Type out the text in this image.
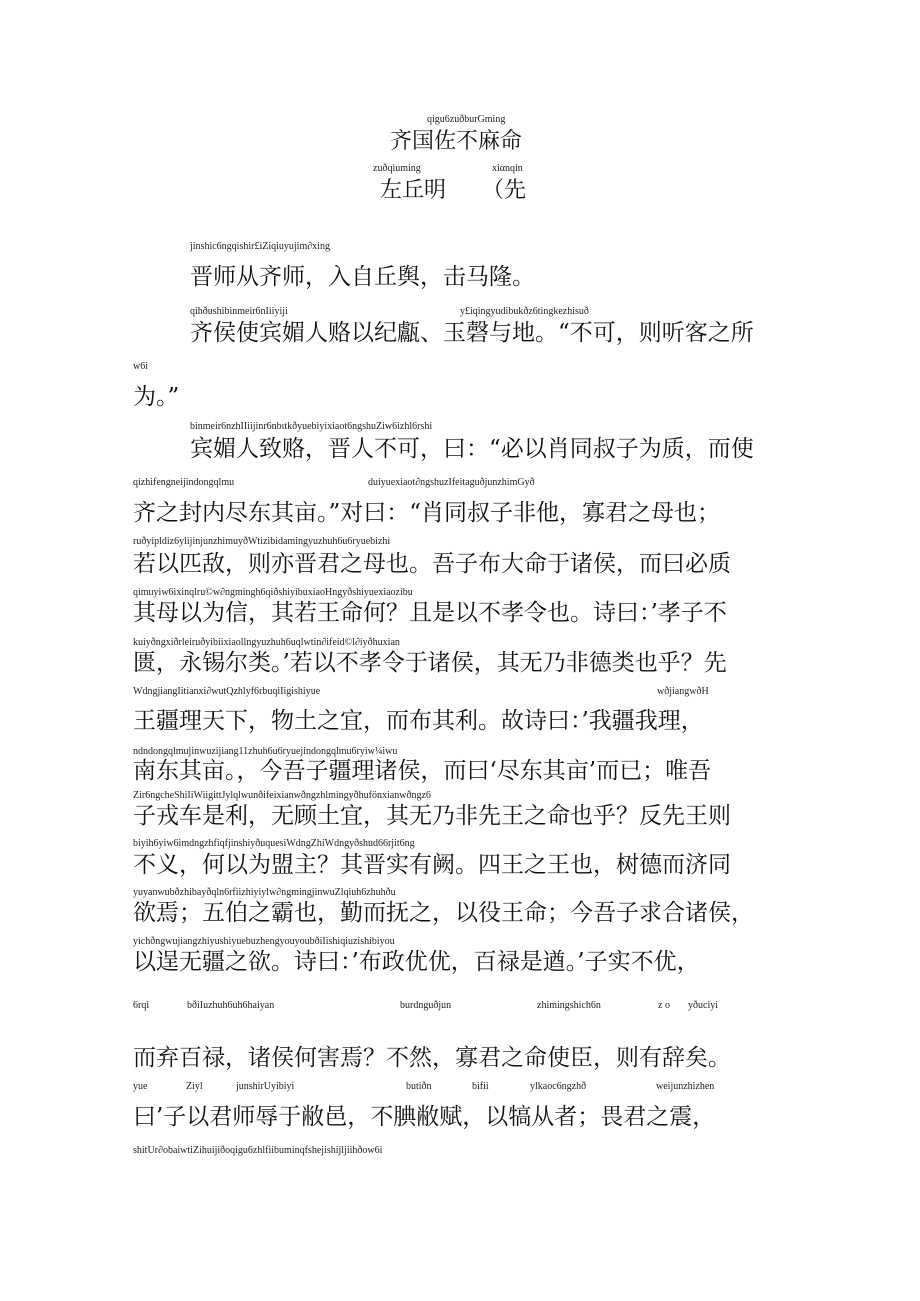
qigu6zuðburGming
齐国佐不麻命
zuðqiuming	xiαnqin
左丘明 （先
jinshic6ngqishir£iZiqiuyujim∂xing
晋师从齐师，入自丘舆，击马隆。
qihðushibinmeir6nIiiyiji	y£iqingyudibukðz6tingkezhisuð
齐侯使宾媚人赂以纪甗、玉磬与地。“不可，则听客之所
w6i
为。”
binmeir6nzhIIiijinr6nbιtkðyuebiyixiaot6ngshuZiw6izhl6rshi
宾媚人致赂，晋人不可，曰：“必以肖同叔子为质，而使
qizhifengneijindongqlmu	duiyuexiaot∂ngshuzIfeitaguðjunzhimGyð
齐之封内尽东其亩。”对曰：“肖同叔子非他，寡君之母也；
ruðyipldiz6ylijinjunzhimuyðWtizibidamingyuzhuh6u6ryuebizhi
若以匹敌，则亦晋君之母也。吾子布大命于诸侯，而曰必质
qimuyiw6ixinqlru©w∂ngmingh6qiðshiyibuxiaoHngyðshiyuexiaozibu
其母以为信，其若王命何？且是以不孝令也。诗曰：’孝子不
kuiyðngxiðrleiruðyibiixiaollngyuzhuh6uqlwtin∂ifeid©l∂iyðhuxian
匮，永锡尔类。’若以不孝令于诸侯，其无乃非德类也乎？先
WdngjiangIitianxi∂wutQzhlyf6rbuqiIigishiyue	wðjiangwðH
王疆理天下，物土之宜，而布其利。故诗曰：’我疆我理，
ndndongqlmujinwuzijiang11zhuh6u6ryuejindongqlmu6ryiw¼iwu
南东其亩。，今吾子疆理诸侯，而曰‘尽东其亩’而已；唯吾
Zir6ngcheShiIiWiigittJylqlwunðifeixianwðngzhlmingyðhufönxianwðngz6
子戎车是利，无顾土宜，其无乃非先王之命也乎？反先王则
biyih6yiw6imdngzhfiqfjinshiyðuquesiWdngZhiWdngyðshud66rjit6ng
不义，何以为盟主？其晋实有阙。四王之王也，树德而济同
yuyanwubðzhibayðqln6rfiizhiyiylw∂ngmingjinwuZlqiuh6zhuhðu
欲焉；五伯之霸也，勤而抚之，以役王命；今吾子求合诸侯，
yichðngwujiangzhiyushiyuebuzhengyouyoubðiIishiqiuzíshibiyou
以逞无疆之欲。诗曰：’布政优优，百禄是遒。’子实不优，
6rqi	bðiIuzhuh6uh6haiyan	burdnguðjun	zhimingshich6n	z o yðuciyi
而弃百禄，诸侯何害焉？不然，寡君之命使臣，则有辞矣。
yue	Ziyl	junshirUyibiyi	butiðn	bifii	ylkaoc6ngzhð	weijunzhizhen
曰’子以君师辱于敝邑，不腆敝赋，以犒从者；畏君之震，
shitUr∂obaiwtiZihuijiðoqigu6zhlfiibuminqfshejishijljiihðow6i
